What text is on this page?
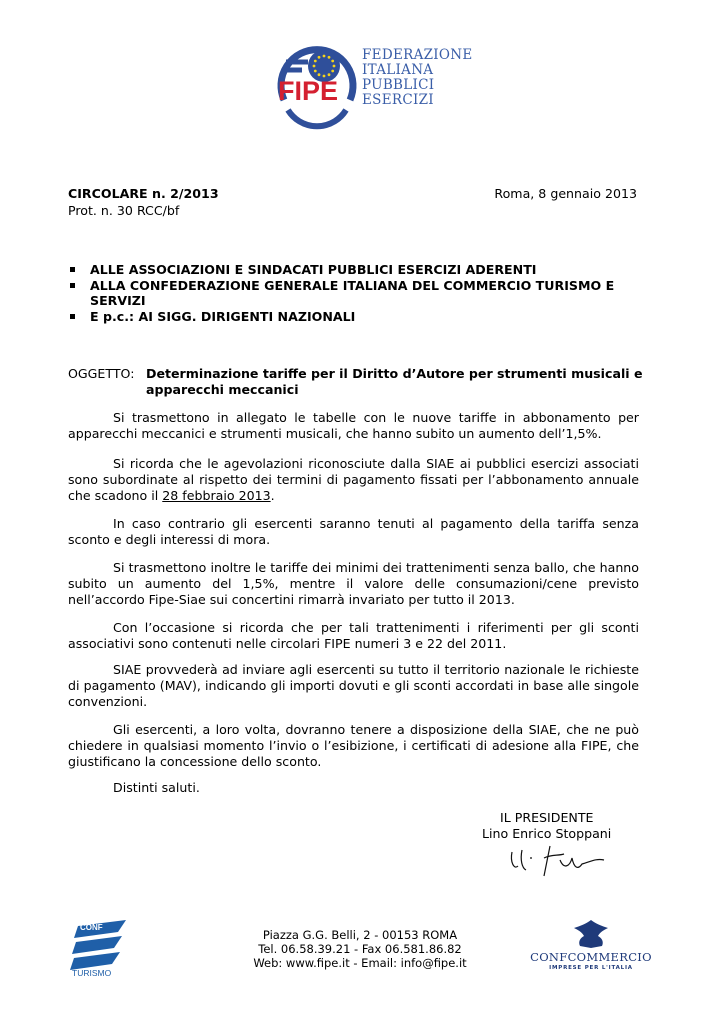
FIPE
FEDERAZIONE
ITALIANA
PUBBLICI
ESERCIZI
CIRCOLARE n. 2/2013
Prot. n. 30 RCC/bf
Roma, 8 gennaio 2013
ALLE ASSOCIAZIONI E SINDACATI PUBBLICI ESERCIZI ADERENTI
ALLA CONFEDERAZIONE GENERALE ITALIANA DEL COMMERCIO TURISMO E SERVIZI
E p.c.: AI SIGG. DIRIGENTI NAZIONALI
OGGETTO: Determinazione tariffe per il Diritto d’Autore per strumenti musicali e apparecchi meccanici

Si trasmettono in allegato le tabelle con le nuove tariffe in abbonamento per apparecchi meccanici e strumenti musicali, che hanno subito un aumento dell’1,5%.

Si ricorda che le agevolazioni riconosciute dalla SIAE ai pubblici esercizi associati sono subordinate al rispetto dei termini di pagamento fissati per l’abbonamento annuale che scadono il 28 febbraio 2013.

In caso contrario gli esercenti saranno tenuti al pagamento della tariffa senza sconto e degli interessi di mora.

Si trasmettono inoltre le tariffe dei minimi dei trattenimenti senza ballo, che hanno subito un aumento del 1,5%, mentre il valore delle consumazioni/cene previsto nell’accordo Fipe-Siae sui concertini rimarrà invariato per tutto il 2013.

Con l’occasione si ricorda che per tali trattenimenti i riferimenti per gli sconti associativi sono contenuti nelle circolari FIPE numeri 3 e 22 del 2011.

SIAE provvederà ad inviare agli esercenti su tutto il territorio nazionale le richieste di pagamento (MAV), indicando gli importi dovuti e gli sconti accordati in base alle singole convenzioni.

Gli esercenti, a loro volta, dovranno tenere a disposizione della SIAE, che ne può chiedere in qualsiasi momento l’invio o l’esibizione, i certificati di adesione alla FIPE, che giustificano la concessione dello sconto.

Distinti saluti.

IL PRESIDENTE
Lino Enrico Stoppani
CONF
TURISMO
Piazza G.G. Belli, 2 - 00153 ROMA
Tel. 06.58.39.21 - Fax 06.581.86.82
Web: www.fipe.it - Email: info@fipe.it	CONFCOMMERCIO
IMPRESE PER L'ITALIA
